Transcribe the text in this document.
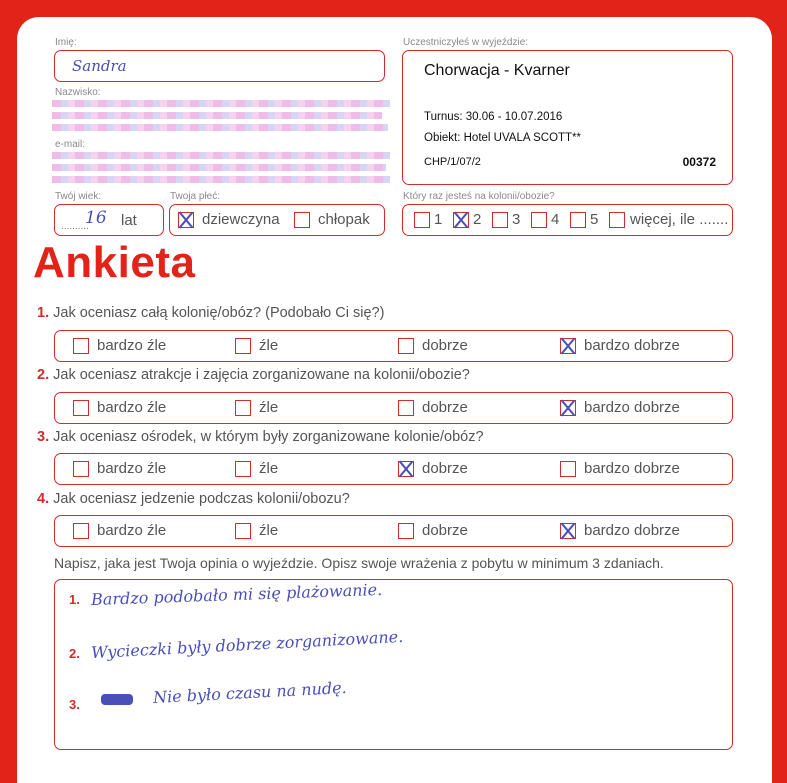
Imię:
Sandra
Nazwisko:
e-mail:
Twój wiek:
..........
16 lat
Twoja płeć:
dziewczyna	chłopak
Uczestniczyłeś w wyjeździe:
Chorwacja - Kvarner
Turnus: 30.06 - 10.07.2016
Obiekt: Hotel UVALA SCOTT**
CHP/1/07/2	00372
Który raz jesteś na kolonii/obozie?
1 2 3 4 5 więcej, ile .......
Ankieta
1. Jak oceniasz całą kolonię/obóz? (Podobało Ci się?)
bardzo źle	źle	dobrze	bardzo dobrze
2. Jak oceniasz atrakcje i zajęcia zorganizowane na kolonii/obozie?
bardzo źle	źle	dobrze	bardzo dobrze
3. Jak oceniasz ośrodek, w którym były zorganizowane kolonie/obóz?
bardzo źle	źle	dobrze	bardzo dobrze
4. Jak oceniasz jedzenie podczas kolonii/obozu?
bardzo źle	źle	dobrze	bardzo dobrze
Napisz, jaka jest Twoja opinia o wyjeździe. Opisz swoje wrażenia z pobytu w minimum 3 zdaniach.
1. Bardzo podobało mi się plażowanie.
2. Wycieczki były dobrze zorganizowane.
3.	Nie było czasu na nudę.
